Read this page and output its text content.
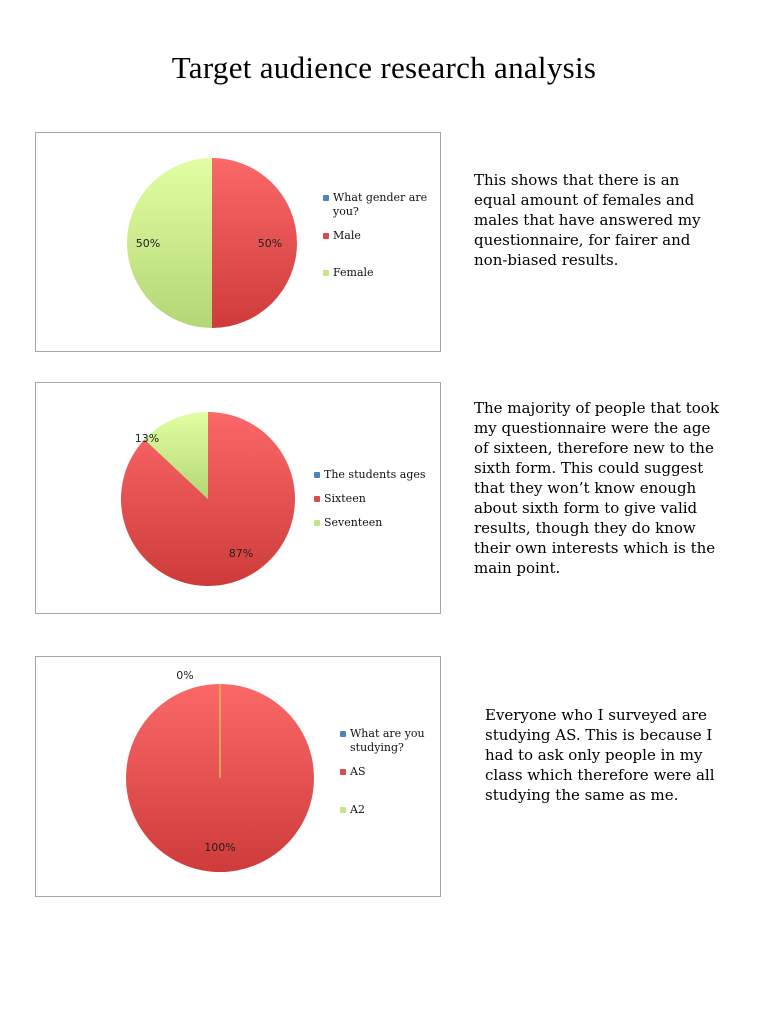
Target audience research analysis
50%
50%
What gender are you?
Male
Female
This shows that there is an equal amount of females and males that have answered my questionnaire, for fairer and non-biased results.
87%
13%
The students ages
Sixteen
Seventeen
The majority of people that took my questionnaire were the age of sixteen, therefore new to the sixth form. This could suggest that they won’t know enough about sixth form to give valid results, though they do know their own interests which is the main point.
100%
0%
What are you studying?
AS
A2
Everyone who I surveyed are studying AS. This is because I had to ask only people in my class which therefore were all studying the same as me.
